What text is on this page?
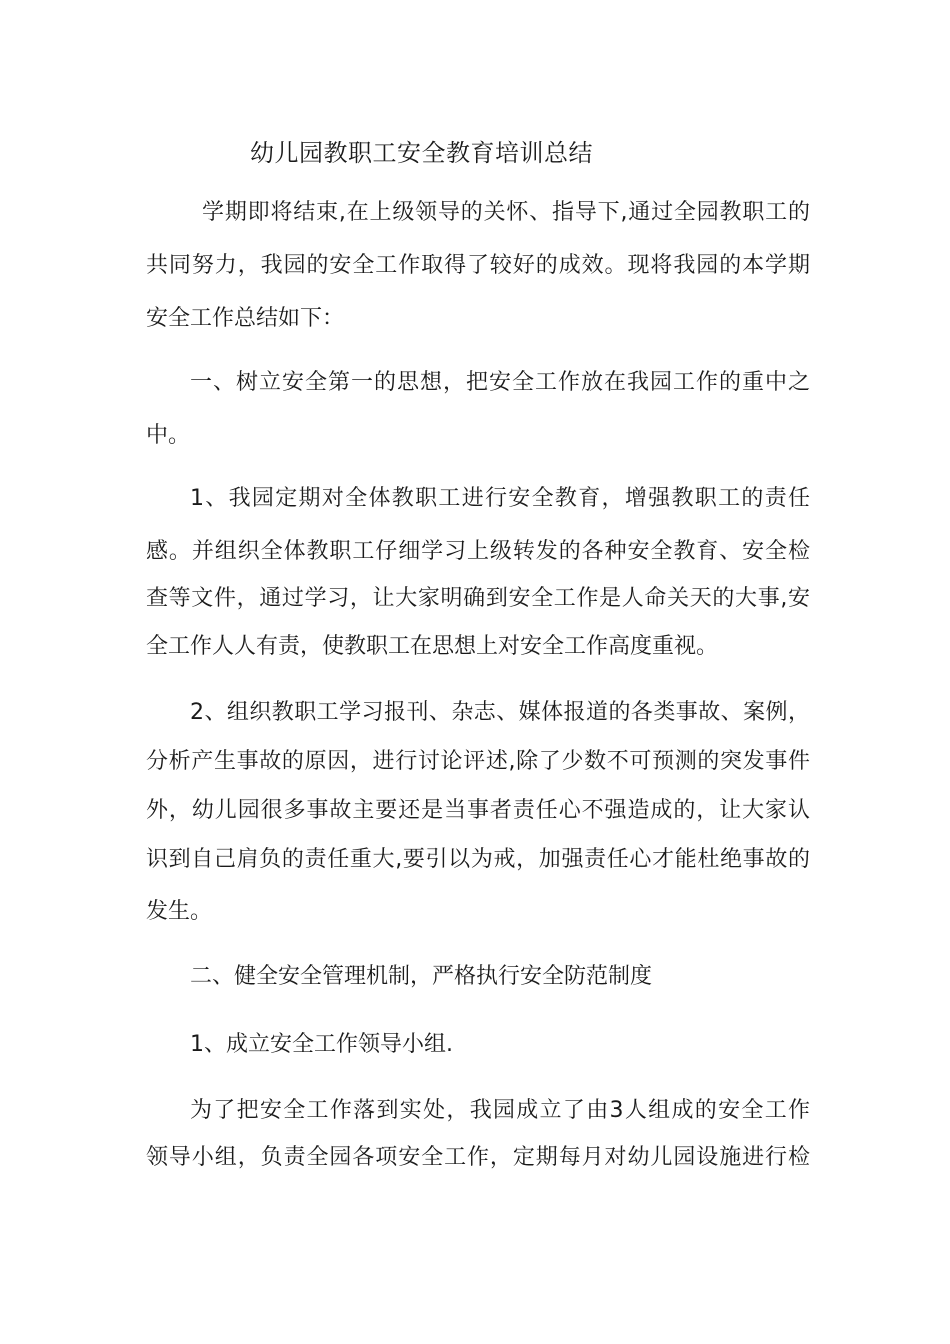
幼儿园教职工安全教育培训总结
学期即将结束,在上级领导的关怀、指导下,通过全园教职工的
共同努力，我园的安全工作取得了较好的成效。现将我园的本学期
安全工作总结如下：
一、树立安全第一的思想，把安全工作放在我园工作的重中之
中。
1、我园定期对全体教职工进行安全教育，增强教职工的责任
感。并组织全体教职工仔细学习上级转发的各种安全教育、安全检
查等文件，通过学习，让大家明确到安全工作是人命关天的大事,安
全工作人人有责，使教职工在思想上对安全工作高度重视。
2、组织教职工学习报刊、杂志、媒体报道的各类事故、案例，
分析产生事故的原因，进行讨论评述,除了少数不可预测的突发事件
外，幼儿园很多事故主要还是当事者责任心不强造成的，让大家认
识到自己肩负的责任重大,要引以为戒，加强责任心才能杜绝事故的
发生。
二、健全安全管理机制，严格执行安全防范制度
1、成立安全工作领导小组.
为了把安全工作落到实处，我园成立了由3人组成的安全工作
领导小组，负责全园各项安全工作，定期每月对幼儿园设施进行检
